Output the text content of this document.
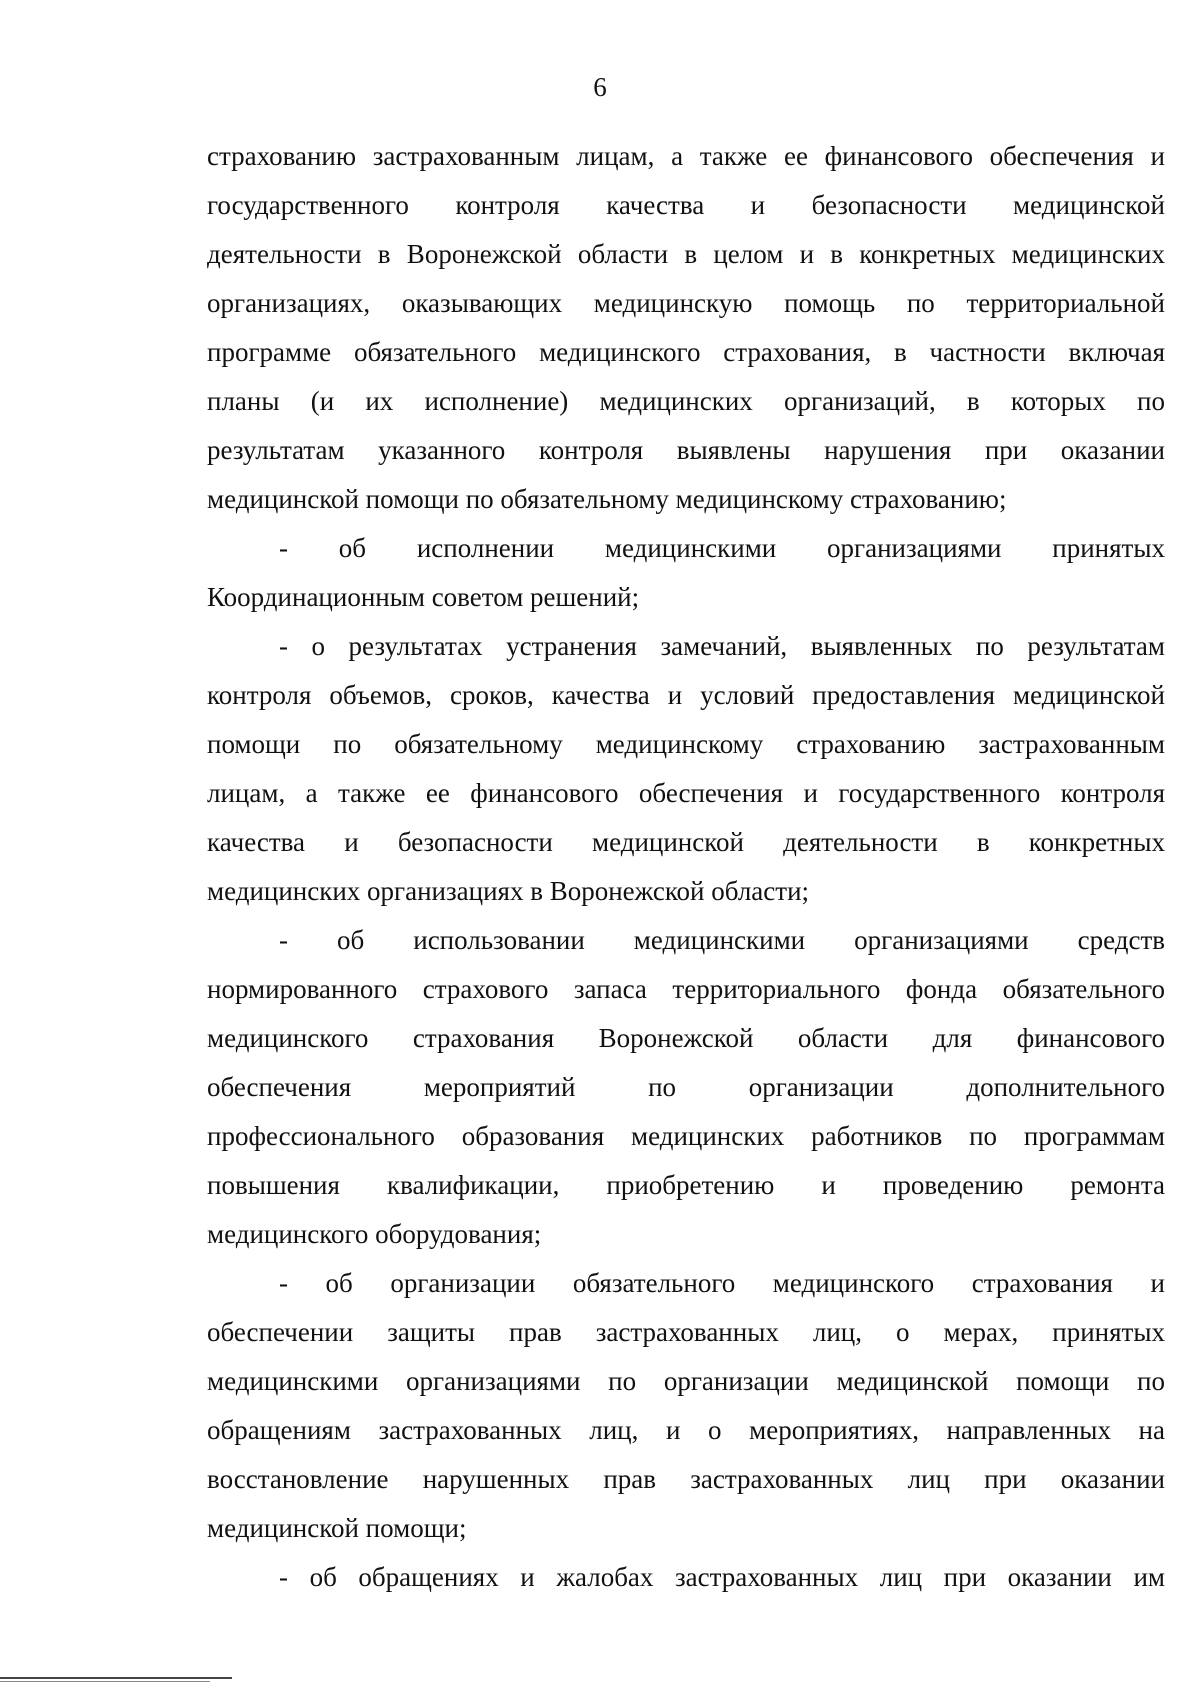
6
страхованию застрахованным лицам, а также ее финансового обеспечения и
государственного контроля качества и безопасности медицинской
деятельности в Воронежской области в целом и в конкретных медицинских
организациях, оказывающих медицинскую помощь по территориальной
программе обязательного медицинского страхования, в частности включая
планы (и их исполнение) медицинских организаций, в которых по
результатам указанного контроля выявлены нарушения при оказании
медицинской помощи по обязательному медицинскому страхованию;
- об исполнении медицинскими организациями принятых
Координационным советом решений;
- о результатах устранения замечаний, выявленных по результатам
контроля объемов, сроков, качества и условий предоставления медицинской
помощи по обязательному медицинскому страхованию застрахованным
лицам, а также ее финансового обеспечения и государственного контроля
качества и безопасности медицинской деятельности в конкретных
медицинских организациях в Воронежской области;
- об использовании медицинскими организациями средств
нормированного страхового запаса территориального фонда обязательного
медицинского страхования Воронежской области для финансового
обеспечения мероприятий по организации дополнительного
профессионального образования медицинских работников по программам
повышения квалификации, приобретению и проведению ремонта
медицинского оборудования;
- об организации обязательного медицинского страхования и
обеспечении защиты прав застрахованных лиц, о мерах, принятых
медицинскими организациями по организации медицинской помощи по
обращениям застрахованных лиц, и о мероприятиях, направленных на
восстановление нарушенных прав застрахованных лиц при оказании
медицинской помощи;
- об обращениях и жалобах застрахованных лиц при оказании им
